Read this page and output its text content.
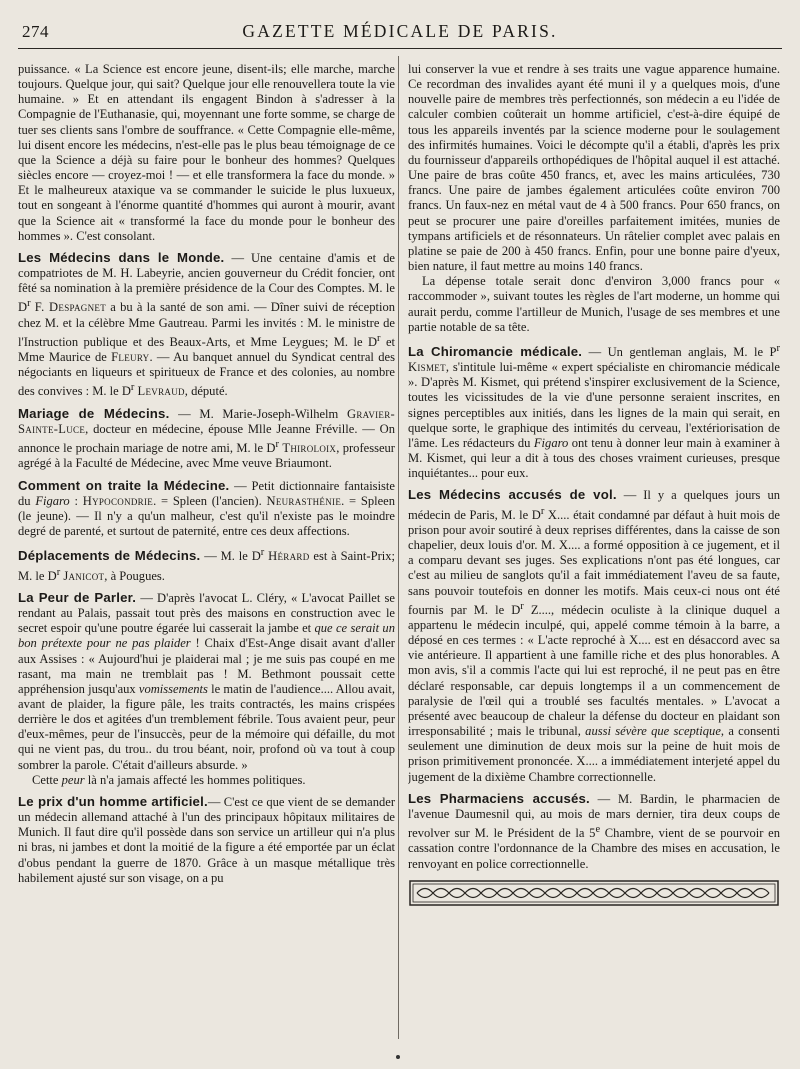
274	GAZETTE MÉDICALE DE PARIS.

puissance. « La Science est encore jeune, disent-ils; elle marche, marche toujours. Quelque jour, qui sait? Quelque jour elle renouvellera toute la vie humaine. » Et en attendant ils engagent Bindon à s'adresser à la Compagnie de l'Euthanasie, qui, moyennant une forte somme, se charge de tuer ses clients sans l'ombre de souffrance. « Cette Compagnie elle-même, lui disent encore les médecins, n'est-elle pas le plus beau témoignage de ce que la Science a déjà su faire pour le bonheur des hommes? Quelques siècles encore — croyez-moi ! — et elle transformera la face du monde. » Et le malheureux ataxique va se commander le suicide le plus luxueux, tout en songeant à l'énorme quantité d'hommes qui auront à mourir, avant que la Science ait « transformé la face du monde pour le bonheur des hommes ». C'est consolant.

Les Médecins dans le Monde. — Une centaine d'amis et de compatriotes de M. H. Labeyrie, ancien gouverneur du Crédit foncier, ont fêté sa nomination à la première présidence de la Cour des Comptes. M. le $D^r$ F. Despagnet a bu à la santé de son ami. — Dîner suivi de réception chez M. et la célèbre Mme Gautreau. Parmi les invités : M. le ministre de l'Instruction publique et des Beaux-Arts, et Mme Leygues; M. le $D^r$ et Mme Maurice de Fleury. — Au banquet annuel du Syndicat central des négociants en liqueurs et spiritueux de France et des colonies, au nombre des convives : M. le $D^r$ Levraud, député.

Mariage de Médecins. — M. Marie-Joseph-Wilhelm Gravier-Sainte-Luce, docteur en médecine, épouse Mlle Jeanne Fréville. — On annonce le prochain mariage de notre ami, M. le $D^r$ Thiroloix, professeur agrégé à la Faculté de Médecine, avec Mme veuve Briaumont.

Comment on traite la Médecine. — Petit dictionnaire fantaisiste du Figaro : Hypocondrie. = Spleen (l'ancien). Neurasthénie. = Spleen (le jeune). — Il n'y a qu'un malheur, c'est qu'il n'existe pas le moindre degré de parenté, et surtout de paternité, entre ces deux affections.

Déplacements de Médecins. — M. le $D^r$ Hérard est à Saint-Prix; M. le $D^r$ Janicot, à Pougues.

La Peur de Parler. — D'après l'avocat L. Cléry, « L'avocat Paillet se rendant au Palais, passait tout près des maisons en construction avec le secret espoir qu'une poutre égarée lui casserait la jambe et que ce serait un bon prétexte pour ne pas plaider ! Chaix d'Est-Ange disait avant d'aller aux Assises : « Aujourd'hui je plaiderai mal ; je me suis pas coupé en me rasant, ma main ne tremblait pas ! M. Bethmont poussait cette appréhension jusqu'aux vomissements le matin de l'audience.... Allou avait, avant de plaider, la figure pâle, les traits contractés, les mains crispées derrière le dos et agitées d'un tremblement fébrile. Tous avaient peur, peur d'eux-mêmes, peur de l'insuccès, peur de la mémoire qui défaille, du mot qui ne vient pas, du trou.. du trou béant, noir, profond où va tout à coup sombrer la parole. C'était d'ailleurs absurde. »

Cette peur là n'a jamais affecté les hommes politiques.

Le prix d'un homme artificiel.— C'est ce que vient de se demander un médecin allemand attaché à l'un des principaux hôpitaux militaires de Munich. Il faut dire qu'il possède dans son service un artilleur qui n'a plus ni bras, ni jambes et dont la moitié de la figure a été emportée par un éclat d'obus pendant la guerre de 1870. Grâce à un masque métallique très habilement ajusté sur son visage, on a pu

lui conserver la vue et rendre à ses traits une vague apparence humaine. Ce recordman des invalides ayant été muni il y a quelques mois, d'une nouvelle paire de membres très perfectionnés, son médecin a eu l'idée de calculer combien coûterait un homme artificiel, c'est-à-dire équipé de tous les appareils inventés par la science moderne pour le soulagement des infirmités humaines. Voici le décompte qu'il a établi, d'après les prix du fournisseur d'appareils orthopédiques de l'hôpital auquel il est attaché. Une paire de bras coûte 450 francs, et, avec les mains articulées, 730 francs. Une paire de jambes également articulées coûte environ 700 francs. Un faux-nez en métal vaut de 4 à 500 francs. Pour 650 francs, on peut se procurer une paire d'oreilles parfaitement imitées, munies de tympans artificiels et de résonnateurs. Un râtelier complet avec palais en platine se paie de 200 à 450 francs. Enfin, pour une bonne paire d'yeux, bien nature, il faut mettre au moins 140 francs.

La dépense totale serait donc d'environ 3,000 francs pour « raccommoder », suivant toutes les règles de l'art moderne, un homme qui aurait perdu, comme l'artilleur de Munich, l'usage de ses membres et une partie notable de sa tête.

La Chiromancie médicale. — Un gentleman anglais, M. le $P^r$ Kismet, s'intitule lui-même « expert spécialiste en chiromancie médicale ». D'après M. Kismet, qui prétend s'inspirer exclusivement de la Science, toutes les vicissitudes de la vie d'une personne seraient inscrites, en signes perceptibles aux initiés, dans les lignes de la main qui serait, en quelque sorte, le graphique des intimités du cerveau, l'extériorisation de l'âme. Les rédacteurs du Figaro ont tenu à donner leur main à examiner à M. Kismet, qui leur a dit à tous des choses vraiment curieuses, presque inquiétantes... pour eux.

Les Médecins accusés de vol. — Il y a quelques jours un médecin de Paris, M. le $D^r$ X.... était condamné par défaut à huit mois de prison pour avoir soutiré à deux reprises différentes, dans la caisse de son chapelier, deux louis d'or. M. X.... a formé opposition à ce jugement, et il a comparu devant ses juges. Ses explications n'ont pas été longues, car c'est au milieu de sanglots qu'il a fait immédiatement l'aveu de sa faute, sans pouvoir toutefois en donner les motifs. Mais ceux-ci nous ont été fournis par M. le $D^r$ Z...., médecin oculiste à la clinique duquel a appartenu le médecin inculpé, qui, appelé comme témoin à la barre, a déposé en ces termes : « L'acte reproché à X.... est en désaccord avec sa vie antérieure. Il appartient à une famille riche et des plus honorables. A mon avis, s'il a commis l'acte qui lui est reproché, il ne peut pas en être déclaré responsable, car depuis longtemps il a un commencement de paralysie de l'œil qui a troublé ses facultés mentales. » L'avocat a présenté avec beaucoup de chaleur la défense du docteur en plaidant son irresponsabilité ; mais le tribunal, aussi sévère que sceptique, a consenti seulement une diminution de deux mois sur la peine de huit mois de prison primitivement prononcée. X.... a immédiatement interjeté appel du jugement de la dixième Chambre correctionnelle.

Les Pharmaciens accusés. — M. Bardin, le pharmacien de l'avenue Daumesnil qui, au mois de mars dernier, tira deux coups de revolver sur M. le Président de la 5e Chambre, vient de se pourvoir en cassation contre l'ordonnance de la Chambre des mises en accusation, le renvoyant en police correctionnelle.
